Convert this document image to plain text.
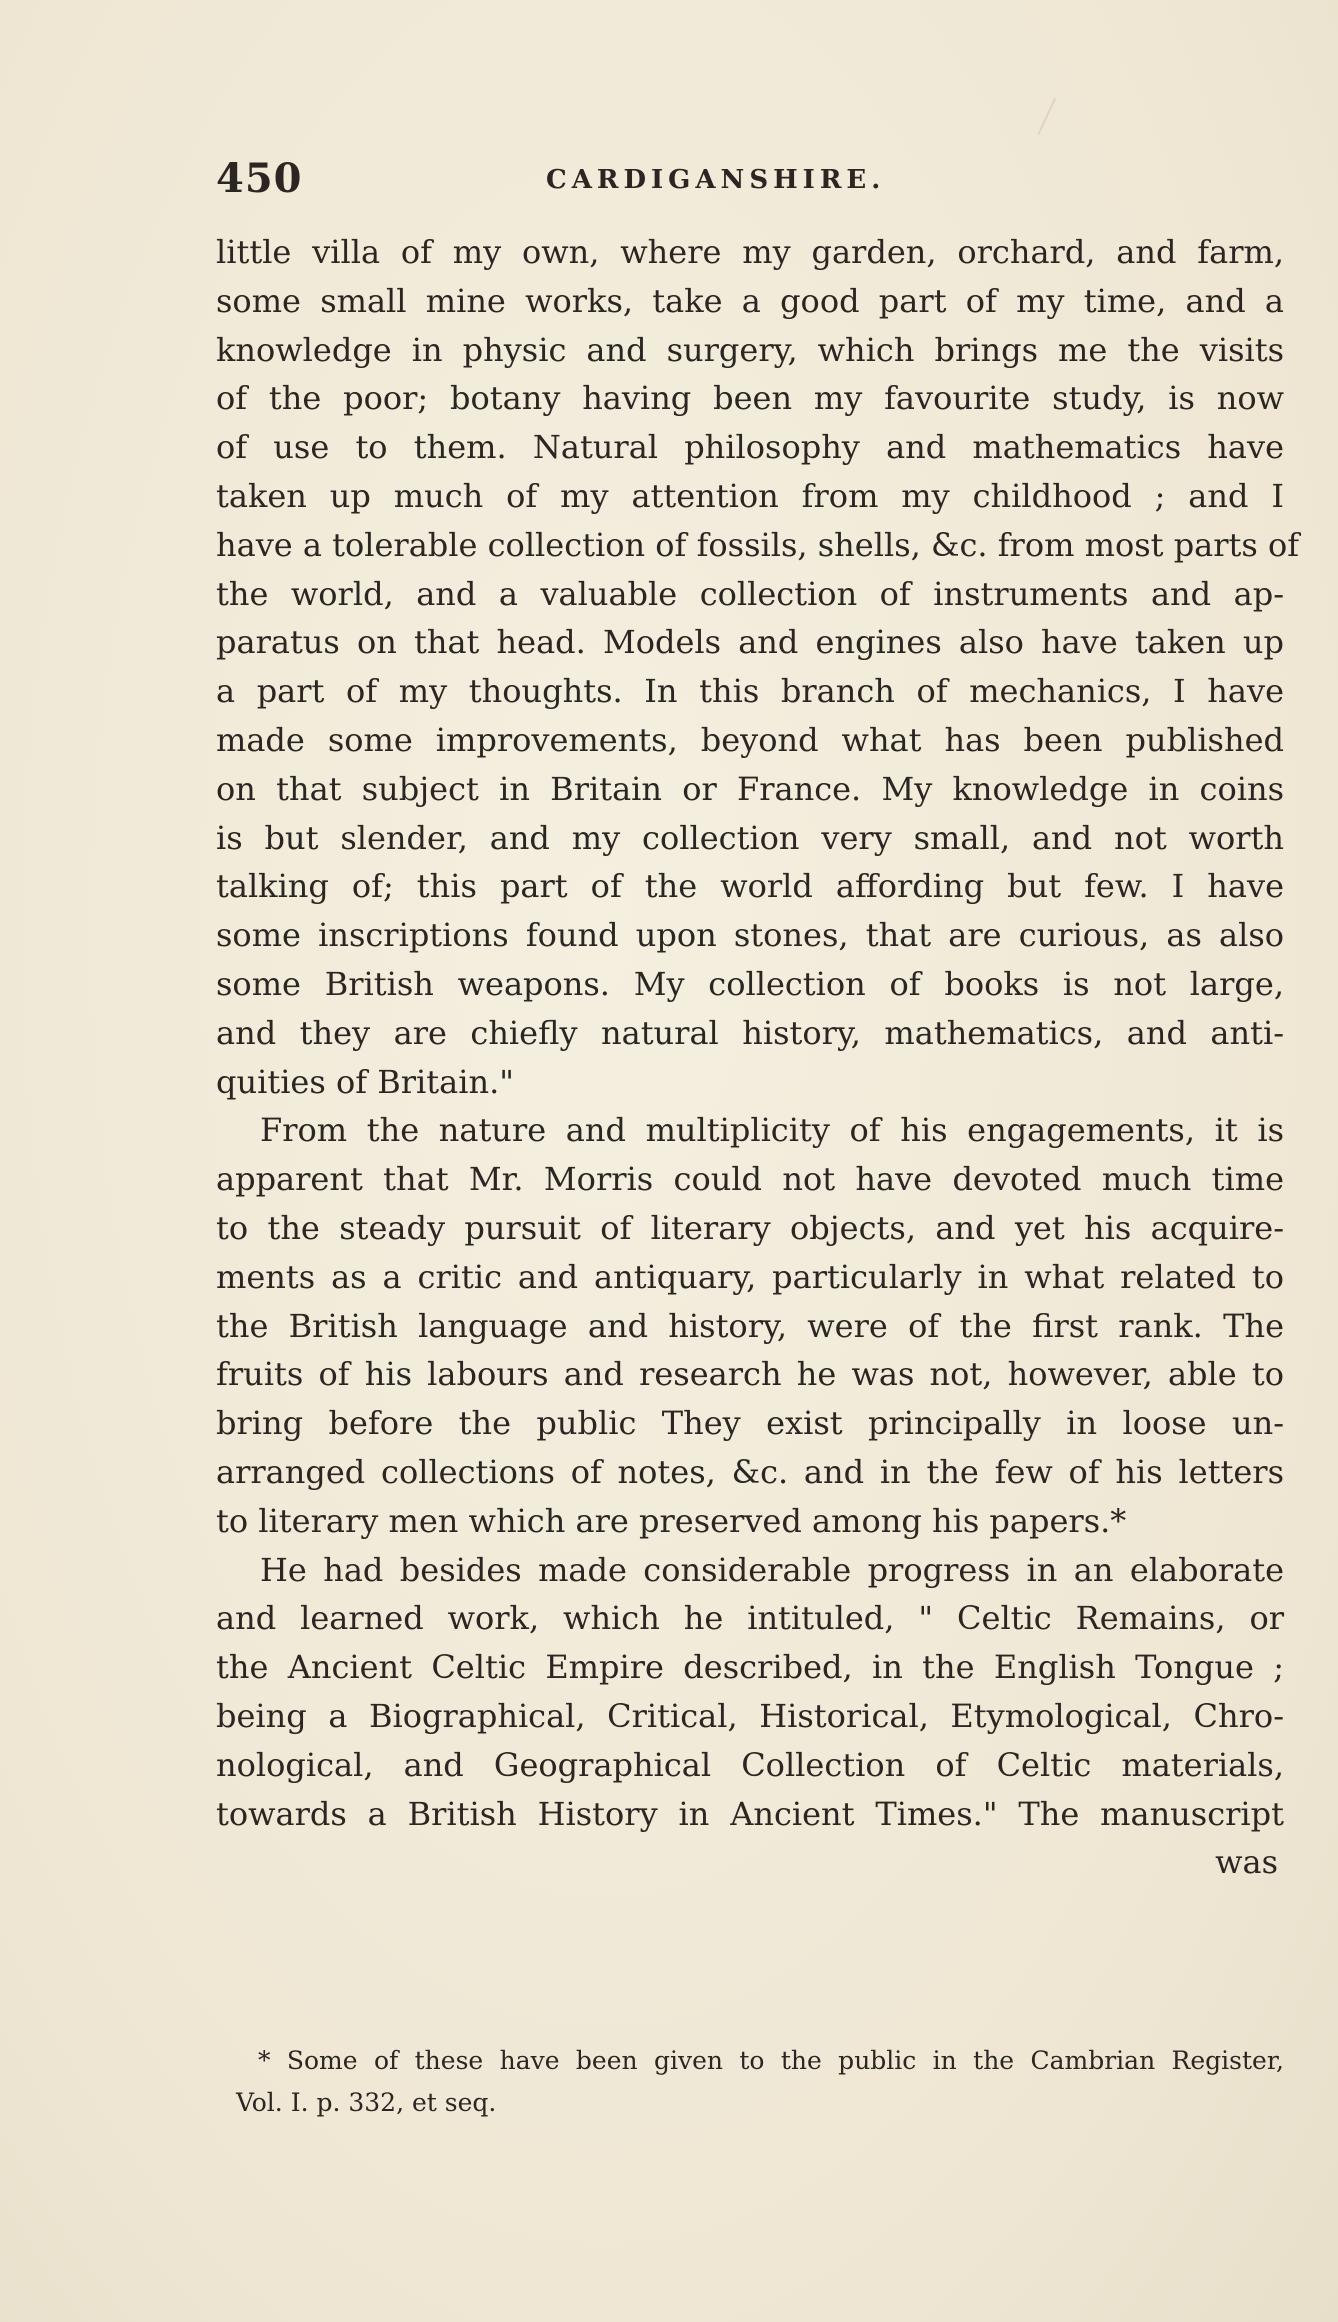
450	CARDIGANSHIRE.
little villa of my own, where my garden, orchard, and farm,
some small mine works, take a good part of my time, and a
knowledge in physic and surgery, which brings me the visits
of the poor; botany having been my favourite study, is now
of use to them. Natural philosophy and mathematics have
taken up much of my attention from my childhood ; and I
have a tolerable collection of fossils, shells, &c. from most parts of
the world, and a valuable collection of instruments and ap-
paratus on that head. Models and engines also have taken up
a part of my thoughts. In this branch of mechanics, I have
made some improvements, beyond what has been published
on that subject in Britain or France. My knowledge in coins
is but slender, and my collection very small, and not worth
talking of; this part of the world affording but few. I have
some inscriptions found upon stones, that are curious, as also
some British weapons. My collection of books is not large,
and they are chiefly natural history, mathematics, and anti-
quities of Britain."
From the nature and multiplicity of his engagements, it is
apparent that Mr. Morris could not have devoted much time
to the steady pursuit of literary objects, and yet his acquire-
ments as a critic and antiquary, particularly in what related to
the British language and history, were of the first rank. The
fruits of his labours and research he was not, however, able to
bring before the public They exist principally in loose un-
arranged collections of notes, &c. and in the few of his letters
to literary men which are preserved among his papers.*
He had besides made considerable progress in an elaborate
and learned work, which he intituled, " Celtic Remains, or
the Ancient Celtic Empire described, in the English Tongue ;
being a Biographical, Critical, Historical, Etymological, Chro-
nological, and Geographical Collection of Celtic materials,
towards a British History in Ancient Times." The manuscript
was
* Some of these have been given to the public in the Cambrian Register,
Vol. I. p. 332, et seq.
